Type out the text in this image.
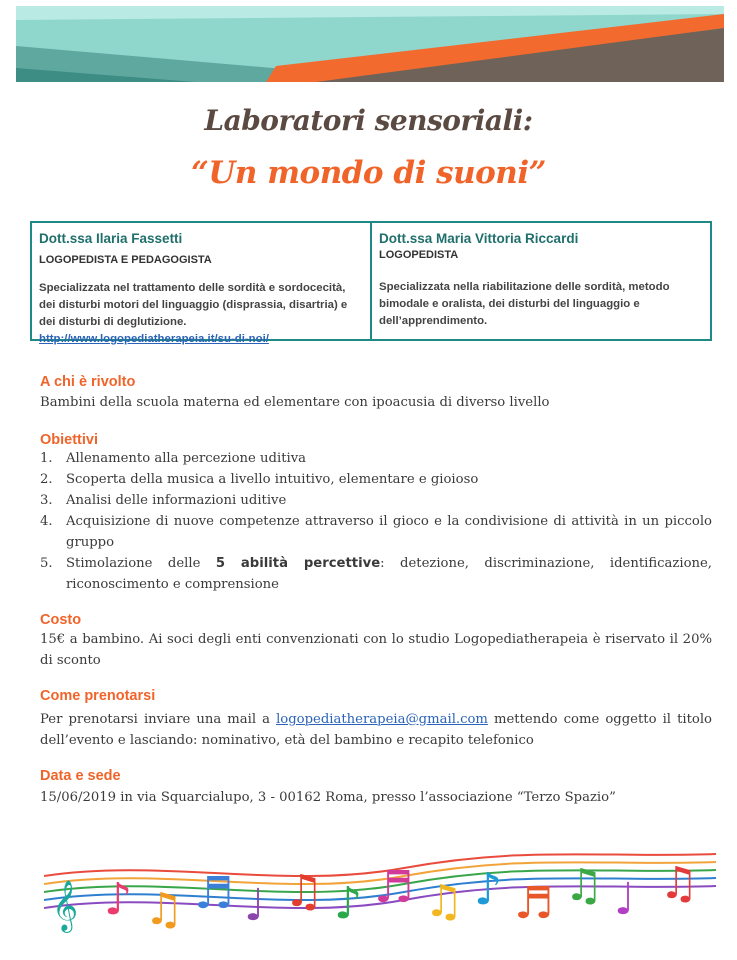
Laboratori sensoriali:
“Un mondo di suoni”
Dott.ssa Ilaria Fassetti
LOGOPEDISTA E PEDAGOGISTA
Specializzata nel trattamento delle sordità e sordocecità, dei disturbi motori del linguaggio (disprassia, disartria) e dei disturbi di deglutizione. http://www.logopediatherapeia.it/su-di-noi/
Dott.ssa Maria Vittoria Riccardi
LOGOPEDISTA
Specializzata nella riabilitazione delle sordità, metodo bimodale e oralista, dei disturbi del linguaggio e dell’apprendimento.
A chi è rivolto
Bambini della scuola materna ed elementare con ipoacusia di diverso livello
Obiettivi
1.	Allenamento alla percezione uditiva
2.	Scoperta della musica a livello intuitivo, elementare e gioioso
3.	Analisi delle informazioni uditive
4.	Acquisizione di nuove competenze attraverso il gioco e la condivisione di attività in un piccolo gruppo
5.	Stimolazione delle 5 abilità percettive: detezione, discriminazione, identificazione, riconoscimento e comprensione
Costo
15€ a bambino. Ai soci degli enti convenzionati con lo studio Logopediatherapeia è riservato il 20% di sconto
Come prenotarsi
Per prenotarsi inviare una mail a logopediatherapeia@gmail.com mettendo come oggetto il titolo dell’evento e lasciando: nominativo, età del bambino e recapito telefonico
Data e sede
15/06/2019 in via Squarcialupo, 3 - 00162 Roma, presso l’associazione “Terzo Spazio”
𝄞 ♪ ♫ ♬ ♩ ♫ ♪ ♬ ♫ ♪ ♬ ♫ ♩ ♫
